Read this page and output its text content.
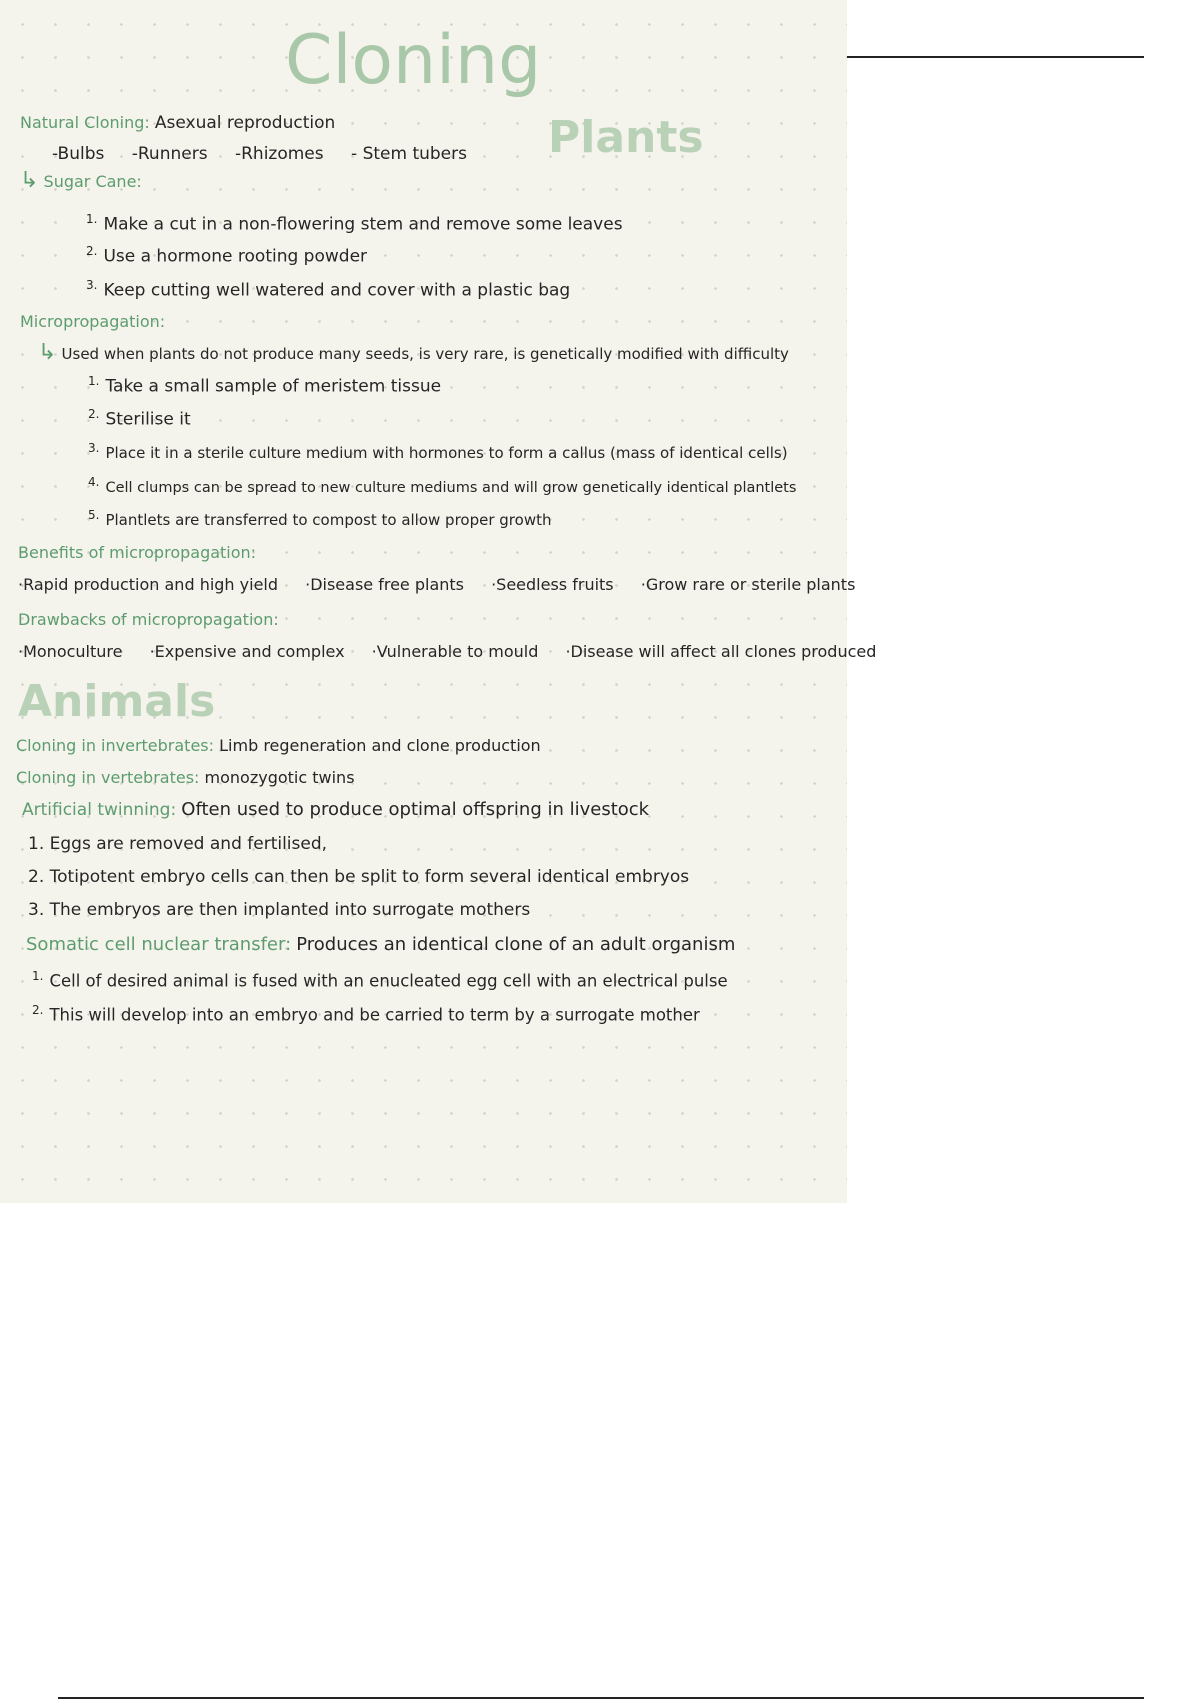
Cloning
Plants
Natural Cloning: Asexual reproduction
-Bulbs -Runners -Rhizomes - Stem tubers
↳ Sugar Cane:
$^{1.}$ Make a cut in a non-flowering stem and remove some leaves
$^{2.}$ Use a hormone rooting powder
$^{3.}$ Keep cutting well watered and cover with a plastic bag
Micropropagation:
↳ Used when plants do not produce many seeds, is very rare, is genetically modified with difficulty
$^{1.}$ Take a small sample of meristem tissue
$^{2.}$ Sterilise it
$^{3.}$ Place it in a sterile culture medium with hormones to form a callus (mass of identical cells)
$^{4.}$ Cell clumps can be spread to new culture mediums and will grow genetically identical plantlets
$^{5.}$ Plantlets are transferred to compost to allow proper growth
Benefits of micropropagation:
·Rapid production and high yield ·Disease free plants ·Seedless fruits ·Grow rare or sterile plants
Drawbacks of micropropagation:
·Monoculture ·Expensive and complex ·Vulnerable to mould ·Disease will affect all clones produced
Animals
Cloning in invertebrates: Limb regeneration and clone production
Cloning in vertebrates: monozygotic twins
Artificial twinning: Often used to produce optimal offspring in livestock
1. Eggs are removed and fertilised,
2. Totipotent embryo cells can then be split to form several identical embryos
3. The embryos are then implanted into surrogate mothers
Somatic cell nuclear transfer: Produces an identical clone of an adult organism
$^{1.}$ Cell of desired animal is fused with an enucleated egg cell with an electrical pulse
$^{2.}$ This will develop into an embryo and be carried to term by a surrogate mother
